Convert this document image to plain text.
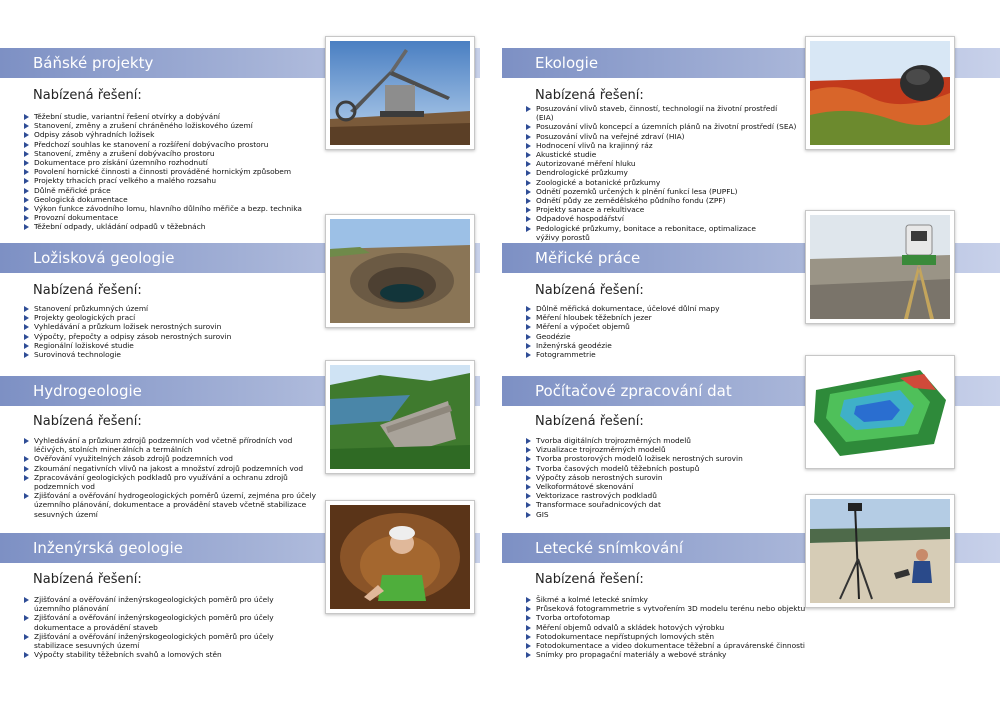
Báňské projekty
Nabízená řešení:
Těžební studie, variantní řešení otvírky a dobývání
Stanovení, změny a zrušení chráněného ložiskového území
Odpisy zásob výhradních ložisek
Předchozí souhlas ke stanovení a rozšíření dobývacího prostoru
Stanovení, změny a zrušení dobývacího prostoru
Dokumentace pro získání územního rozhodnutí
Povolení hornické činnosti a činnosti prováděné hornickým způsobem
Projekty trhacích prací velkého a malého rozsahu
Důlně měřické práce
Geologická dokumentace
Výkon funkce závodního lomu, hlavního důlního měřiče a bezp. technika
Provozní dokumentace
Těžební odpady, ukládání odpadů v těžebnách
Ložisková geologie
Nabízená řešení:
Stanovení průzkumných území
Projekty geologických prací
Vyhledávání a průzkum ložisek nerostných surovin
Výpočty, přepočty a odpisy zásob nerostných surovin
Regionální ložiskové studie
Surovinová technologie
Hydrogeologie
Nabízená řešení:
Vyhledávání a průzkum zdrojů podzemních vod včetně přírodních vod léčivých, stolních minerálních a termálních
Ověřování využitelných zásob zdrojů podzemních vod
Zkoumání negativních vlivů na jakost a množství zdrojů podzemních vod
Zpracovávání geologických podkladů pro využívání a ochranu zdrojů podzemních vod
Zjišťování a ověřování hydrogeologických poměrů území, zejména pro účely územního plánování, dokumentace a provádění staveb včetně stabilizace sesuvných území
Inženýrská geologie
Nabízená řešení:
Zjišťování a ověřování inženýrskogeologických poměrů pro účely územního plánování
Zjišťování a ověřování inženýrskogeologických poměrů pro účely dokumentace a provádění staveb
Zjišťování a ověřování inženýrskogeologických poměrů pro účely stabilizace sesuvných území
Výpočty stability těžebních svahů a lomových stěn
Ekologie
Nabízená řešení:
Posuzování vlivů staveb, činností, technologií na životní prostředí (EIA)
Posuzování vlivů koncepcí a územních plánů na životní prostředí (SEA)
Posuzování vlivů na veřejné zdraví (HIA)
Hodnocení vlivů na krajinný ráz
Akustické studie
Autorizované měření hluku
Dendrologické průzkumy
Zoologické a botanické průzkumy
Odnětí pozemků určených k plnění funkcí lesa (PUPFL)
Odnětí půdy ze zemědělského půdního fondu (ZPF)
Projekty sanace a rekultivace
Odpadové hospodářství
Pedologické průzkumy, bonitace a rebonitace, optimalizace výživy porostů
Měřické práce
Nabízená řešení:
Důlně měřická dokumentace, účelové důlní mapy
Měření hloubek těžebních jezer
Měření a výpočet objemů
Geodézie
Inženýrská geodézie
Fotogrammetrie
Počítačové zpracování dat
Nabízená řešení:
Tvorba digitálních trojrozměrných modelů
Vizualizace trojrozměrných modelů
Tvorba prostorových modelů ložisek nerostných surovin
Tvorba časových modelů těžebních postupů
Výpočty zásob nerostných surovin
Velkoformátové skenování
Vektorizace rastrových podkladů
Transformace souřadnicových dat
GIS
Letecké snímkování
Nabízená řešení:
Šikmé a kolmé letecké snímky
Průseková fotogrammetrie s vytvořením 3D modelu terénu nebo objektu
Tvorba ortofotomap
Měření objemů odvalů a skládek hotových výrobku
Fotodokumentace nepřístupných lomových stěn
Fotodokumentace a video dokumentace těžební a úpravárenské činnosti
Snímky pro propagační materiály a webové stránky
